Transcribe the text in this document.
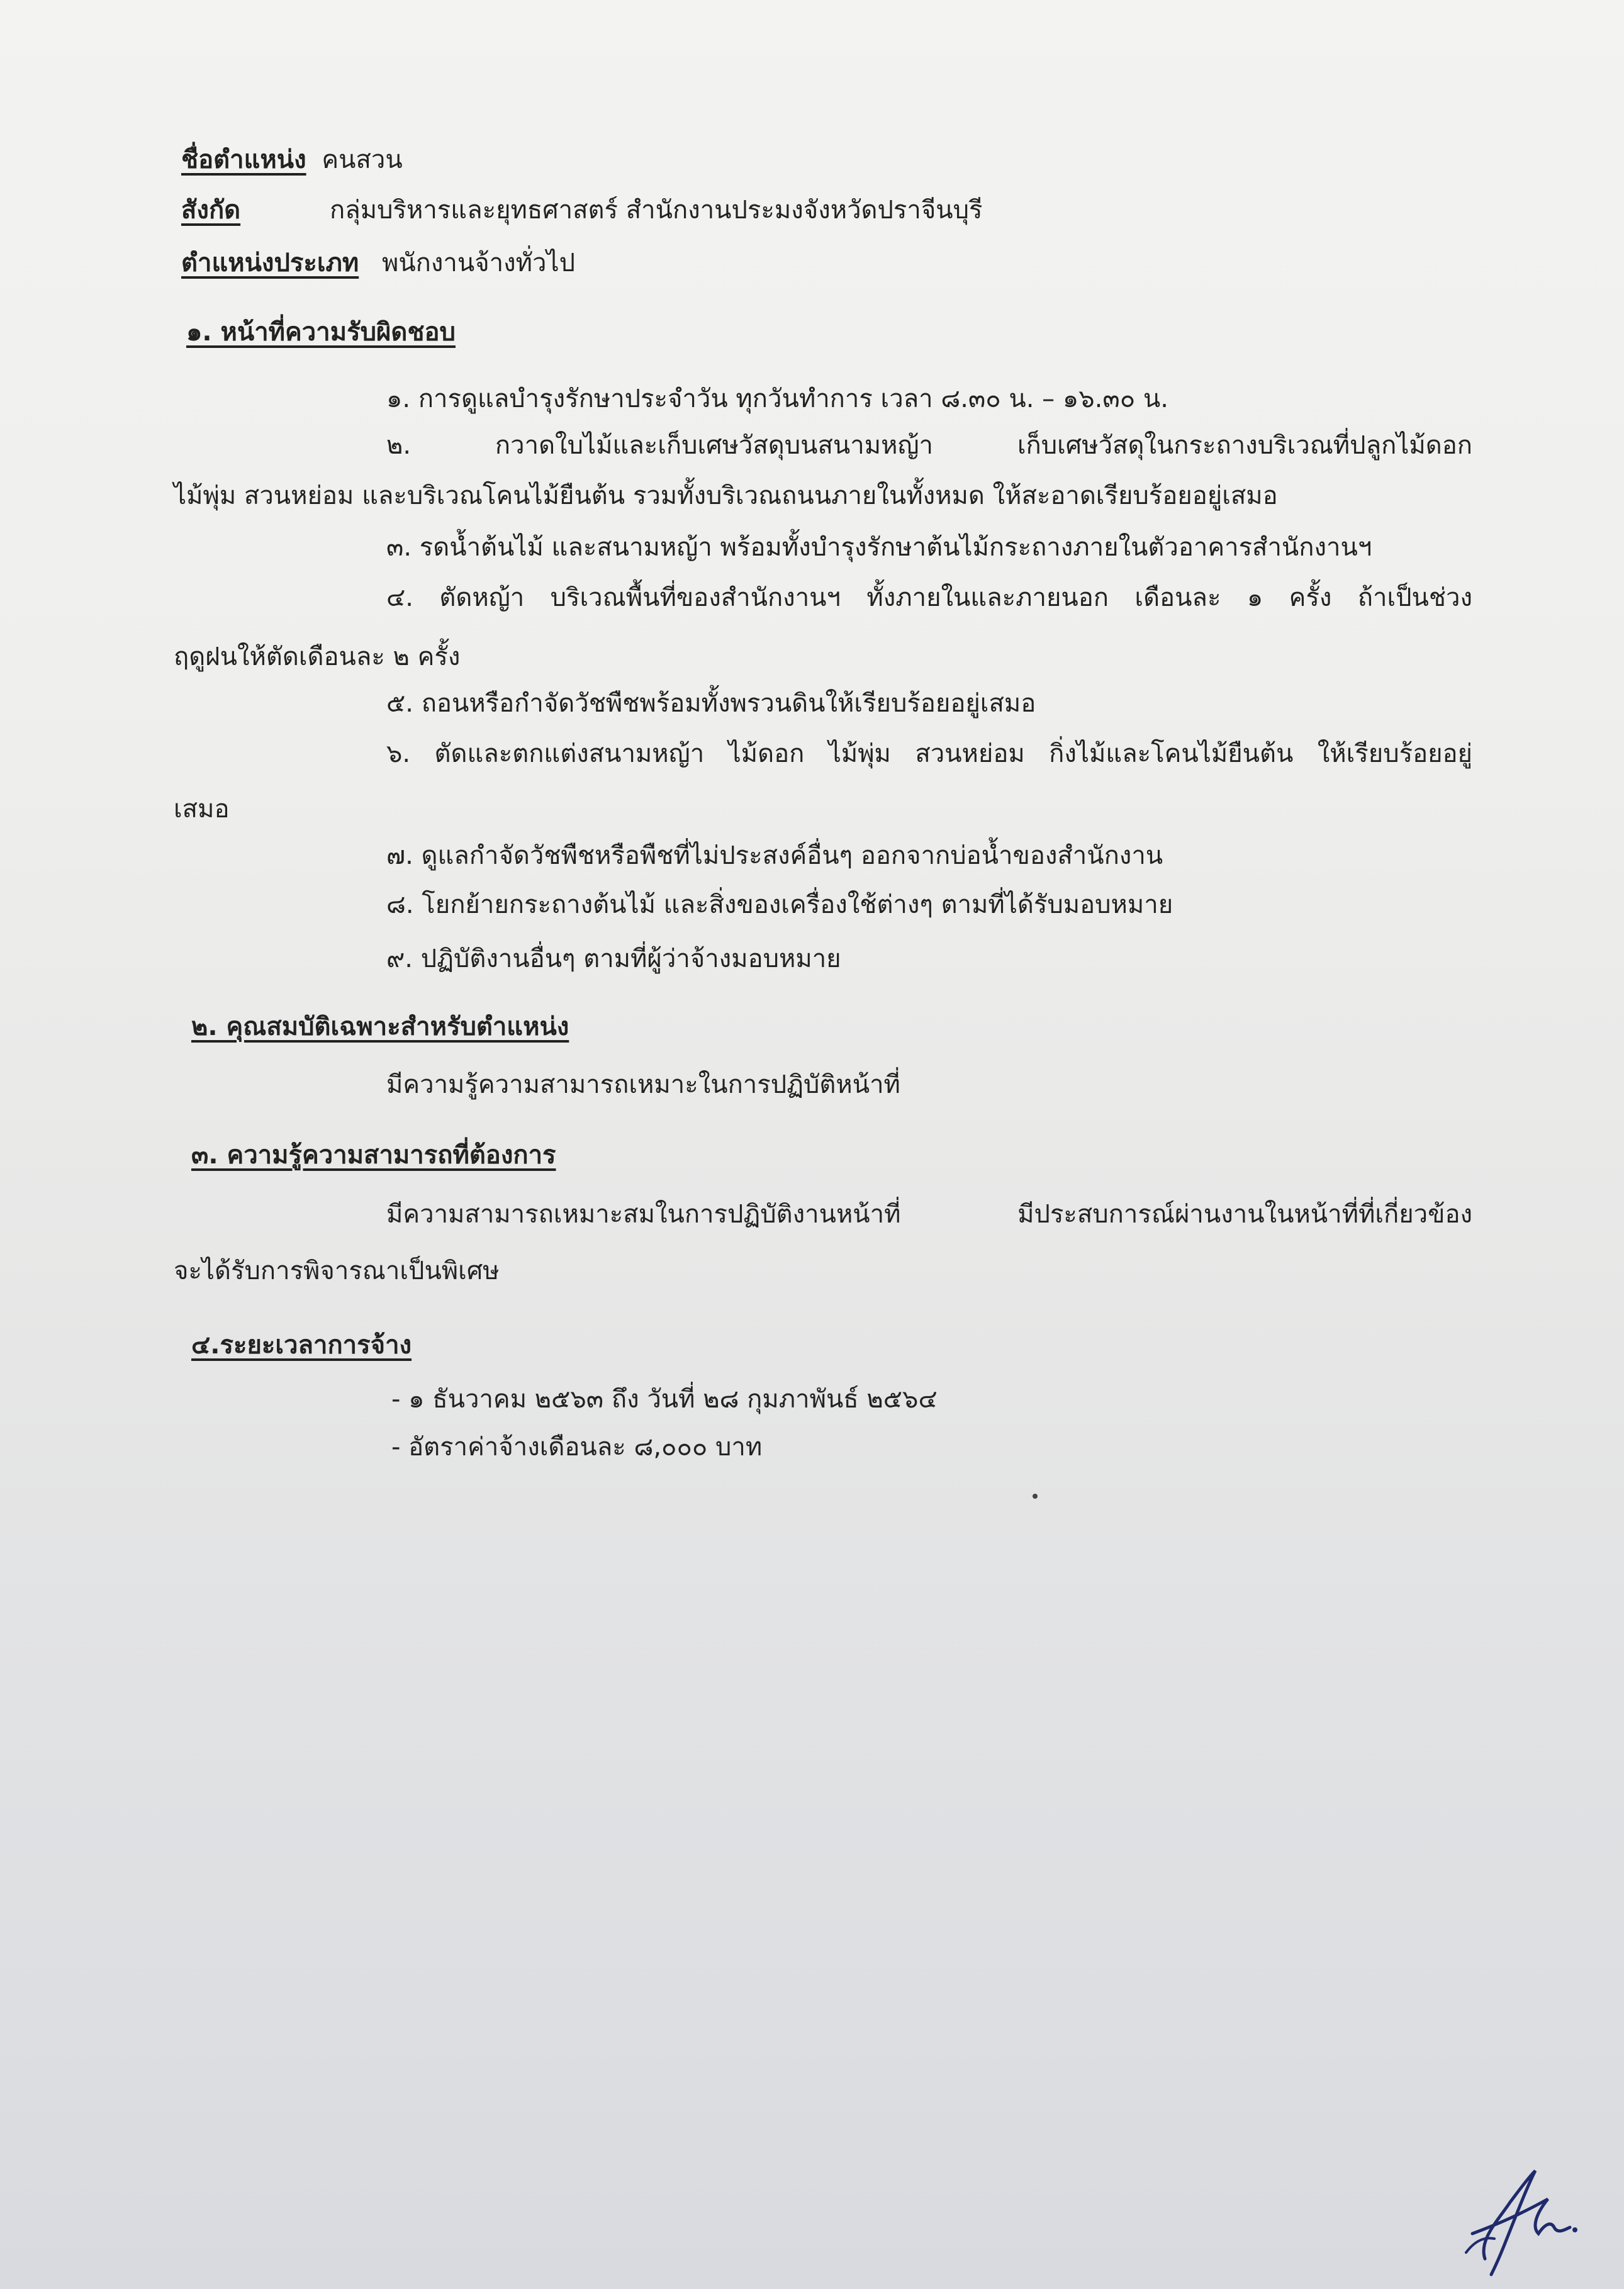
ชื่อตำแหน่ง คนสวน
สังกัด	กลุ่มบริหารและยุทธศาสตร์ สำนักงานประมงจังหวัดปราจีนบุรี
ตำแหน่งประเภท พนักงานจ้างทั่วไป
๑. หน้าที่ความรับผิดชอบ
๑. การดูแลบำรุงรักษาประจำวัน ทุกวันทำการ เวลา ๘.๓๐ น. – ๑๖.๓๐ น.
๒. กวาดใบไม้และเก็บเศษวัสดุบนสนามหญ้า เก็บเศษวัสดุในกระถางบริเวณที่ปลูกไม้ดอก
ไม้พุ่ม สวนหย่อม และบริเวณโคนไม้ยืนต้น รวมทั้งบริเวณถนนภายในทั้งหมด ให้สะอาดเรียบร้อยอยู่เสมอ
๓. รดน้ำต้นไม้ และสนามหญ้า พร้อมทั้งบำรุงรักษาต้นไม้กระถางภายในตัวอาคารสำนักงานฯ
๔. ตัดหญ้า บริเวณพื้นที่ของสำนักงานฯ ทั้งภายในและภายนอก เดือนละ ๑ ครั้ง ถ้าเป็นช่วง
ฤดูฝนให้ตัดเดือนละ ๒ ครั้ง
๕. ถอนหรือกำจัดวัชพืชพร้อมทั้งพรวนดินให้เรียบร้อยอยู่เสมอ
๖. ตัดและตกแต่งสนามหญ้า ไม้ดอก ไม้พุ่ม สวนหย่อม กิ่งไม้และโคนไม้ยืนต้น ให้เรียบร้อยอยู่
เสมอ
๗. ดูแลกำจัดวัชพืชหรือพืชที่ไม่ประสงค์อื่นๆ ออกจากบ่อน้ำของสำนักงาน
๘. โยกย้ายกระถางต้นไม้ และสิ่งของเครื่องใช้ต่างๆ ตามที่ได้รับมอบหมาย
๙. ปฏิบัติงานอื่นๆ ตามที่ผู้ว่าจ้างมอบหมาย
๒. คุณสมบัติเฉพาะสำหรับตำแหน่ง
มีความรู้ความสามารถเหมาะในการปฏิบัติหน้าที่
๓. ความรู้ความสามารถที่ต้องการ
มีความสามารถเหมาะสมในการปฏิบัติงานหน้าที่ มีประสบการณ์ผ่านงานในหน้าที่ที่เกี่ยวข้อง
จะได้รับการพิจารณาเป็นพิเศษ
๔.ระยะเวลาการจ้าง
- ๑ ธันวาคม ๒๕๖๓ ถึง วันที่ ๒๘ กุมภาพันธ์ ๒๕๖๔
- อัตราค่าจ้างเดือนละ ๘,๐๐๐ บาท
